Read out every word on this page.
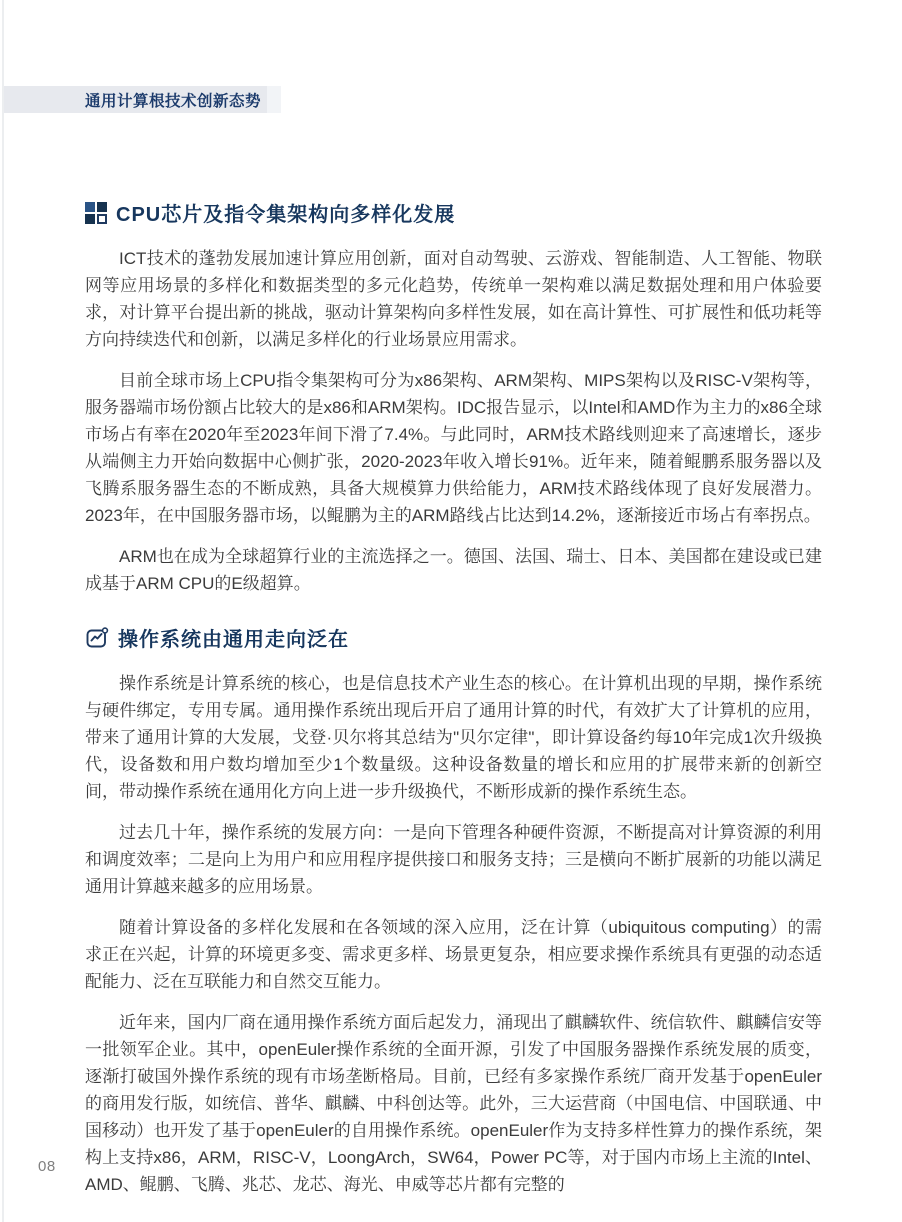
通用计算根技术创新态势
CPU芯片及指令集架构向多样化发展

ICT技术的蓬勃发展加速计算应用创新，面对自动驾驶、云游戏、智能制造、人工智能、物联网等应用场景的多样化和数据类型的多元化趋势，传统单一架构难以满足数据处理和用户体验要求，对计算平台提出新的挑战，驱动计算架构向多样性发展，如在高计算性、可扩展性和低功耗等方向持续迭代和创新，以满足多样化的行业场景应用需求。

目前全球市场上CPU指令集架构可分为x86架构、ARM架构、MIPS架构以及RISC-V架构等，服务器端市场份额占比较大的是x86和ARM架构。IDC报告显示，以Intel和AMD作为主力的x86全球市场占有率在2020年至2023年间下滑了7.4%。与此同时，ARM技术路线则迎来了高速增长，逐步从端侧主力开始向数据中心侧扩张，2020-2023年收入增长91%。近年来，随着鲲鹏系服务器以及飞腾系服务器生态的不断成熟，具备大规模算力供给能力，ARM技术路线体现了良好发展潜力。2023年，在中国服务器市场，以鲲鹏为主的ARM路线占比达到14.2%，逐渐接近市场占有率拐点。

ARM也在成为全球超算行业的主流选择之一。德国、法国、瑞士、日本、美国都在建设或已建成基于ARM CPU的E级超算。

操作系统由通用走向泛在

操作系统是计算系统的核心，也是信息技术产业生态的核心。在计算机出现的早期，操作系统与硬件绑定，专用专属。通用操作系统出现后开启了通用计算的时代，有效扩大了计算机的应用，带来了通用计算的大发展，戈登·贝尔将其总结为"贝尔定律"，即计算设备约每10年完成1次升级换代，设备数和用户数均增加至少1个数量级。这种设备数量的增长和应用的扩展带来新的创新空间，带动操作系统在通用化方向上进一步升级换代，不断形成新的操作系统生态。

过去几十年，操作系统的发展方向：一是向下管理各种硬件资源，不断提高对计算资源的利用和调度效率；二是向上为用户和应用程序提供接口和服务支持；三是横向不断扩展新的功能以满足通用计算越来越多的应用场景。

随着计算设备的多样化发展和在各领域的深入应用，泛在计算（ubiquitous computing）的需求正在兴起，计算的环境更多变、需求更多样、场景更复杂，相应要求操作系统具有更强的动态适配能力、泛在互联能力和自然交互能力。

近年来，国内厂商在通用操作系统方面后起发力，涌现出了麒麟软件、统信软件、麒麟信安等一批领军企业。其中，openEuler操作系统的全面开源，引发了中国服务器操作系统发展的质变，逐渐打破国外操作系统的现有市场垄断格局。目前，已经有多家操作系统厂商开发基于openEuler的商用发行版，如统信、普华、麒麟、中科创达等。此外，三大运营商（中国电信、中国联通、中国移动）也开发了基于openEuler的自用操作系统。openEuler作为支持多样性算力的操作系统，架构上支持x86，ARM，RISC-V，LoongArch，SW64，Power PC等，对于国内市场上主流的Intel、AMD、鲲鹏、飞腾、兆芯、龙芯、海光、申威等芯片都有完整的

08
